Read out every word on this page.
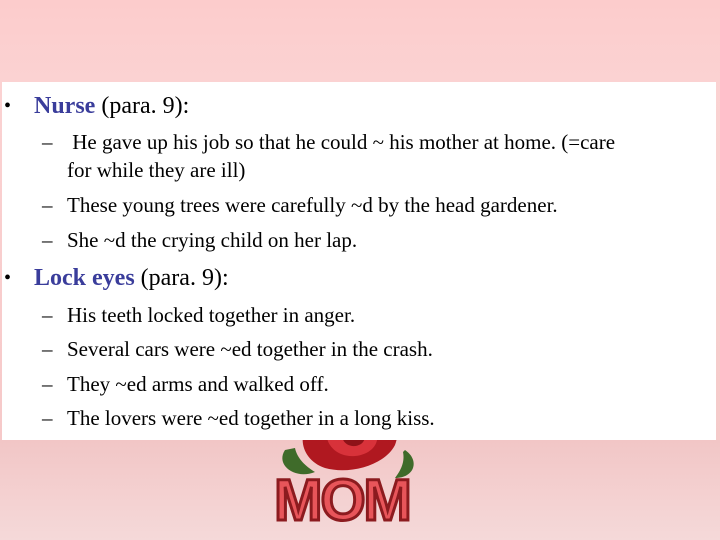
MOM
• Nurse (para. 9):
– He gave up his job so that he could ~ his mother at home. (=care
for while they are ill)
– These young trees were carefully ~d by the head gardener.
– She ~d the crying child on her lap.
• Lock eyes (para. 9):
– His teeth locked together in anger.
– Several cars were ~ed together in the crash.
– They ~ed arms and walked off.
– The lovers were ~ed together in a long kiss.
